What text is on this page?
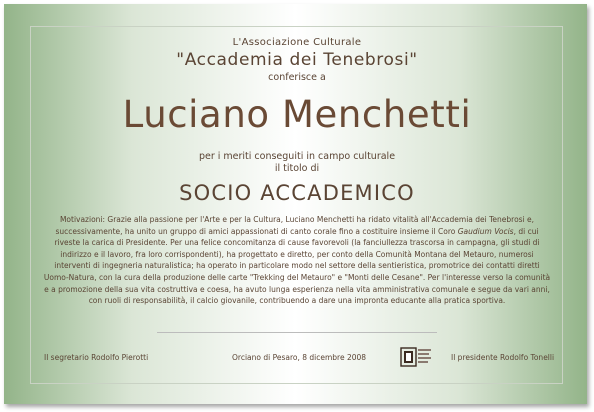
L'Associazione Culturale
"Accademia dei Tenebrosi"
conferisce a
Luciano Menchetti
per i meriti conseguiti in campo culturale
il titolo di
SOCIO ACCADEMICO
Motivazioni: Grazie alla passione per l'Arte e per la Cultura, Luciano Menchetti ha ridato vitalità all'Accademia dei Tenebrosi e, successivamente, ha unito un gruppo di amici appassionati di canto corale fino a costituire insieme il Coro Gaudium Vocis, di cui riveste la carica di Presidente. Per una felice concomitanza di cause favorevoli (la fanciullezza trascorsa in campagna, gli studi di indirizzo e il lavoro, fra loro corrispondenti), ha progettato e diretto, per conto della Comunità Montana del Metauro, numerosi interventi di ingegneria naturalistica; ha operato in particolare modo nel settore della sentieristica, promotrice dei contatti diretti Uomo-Natura, con la cura della produzione delle carte "Trekking del Metauro" e "Monti delle Cesane". Per l'interesse verso la comunità e a promozione della sua vita costruttiva e coesa, ha avuto lunga esperienza nella vita amministrativa comunale e segue da vari anni, con ruoli di responsabilità, il calcio giovanile, contribuendo a dare una impronta educante alla pratica sportiva.
Il segretario Rodolfo Pierotti	Orciano di Pesaro, 8 dicembre 2008	Il presidente Rodolfo Tonelli
